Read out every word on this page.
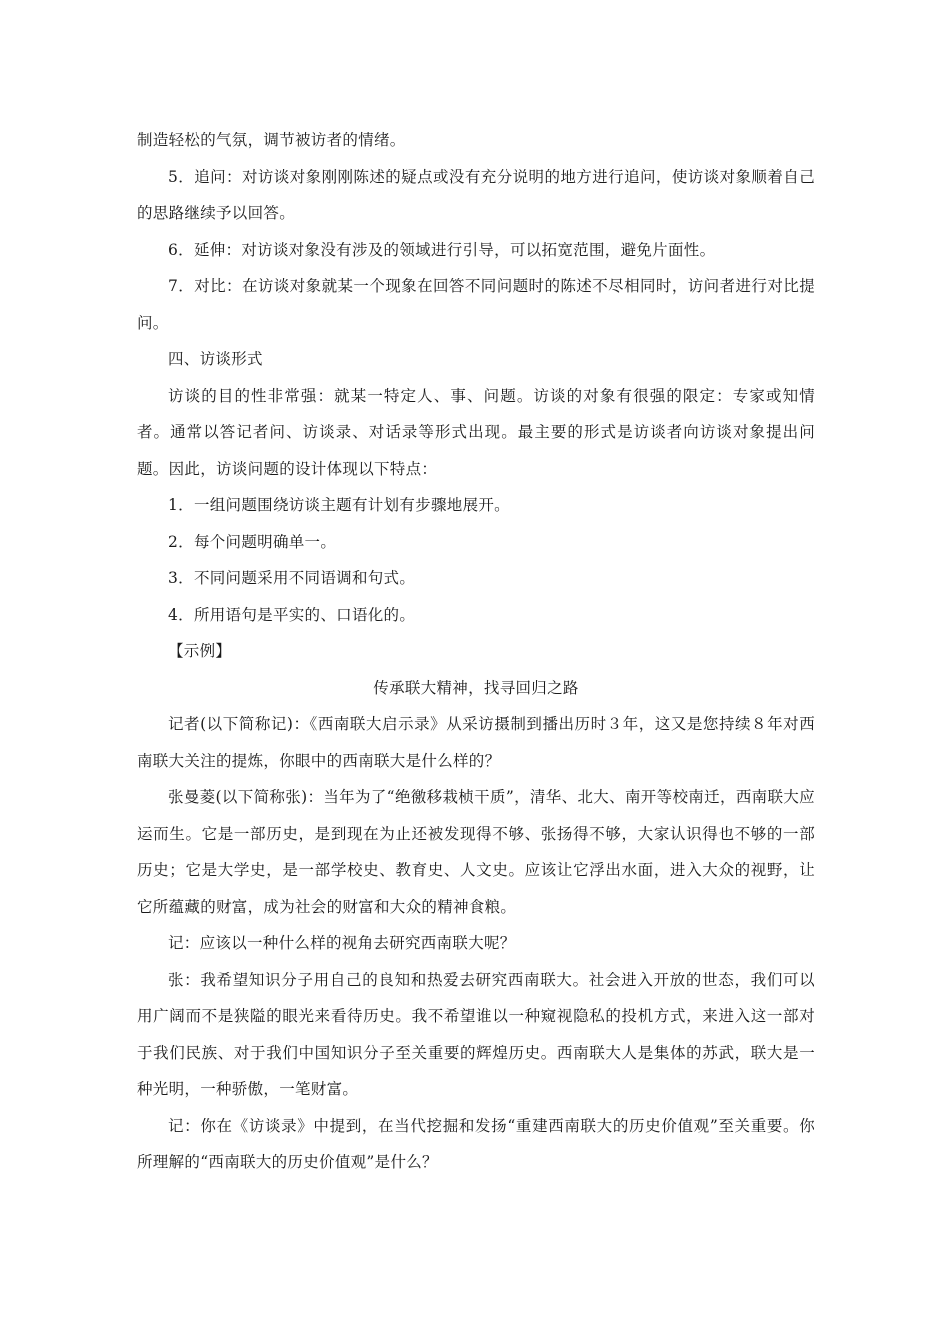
制造轻松的气氛，调节被访者的情绪。

5．追问：对访谈对象刚刚陈述的疑点或没有充分说明的地方进行追问，使访谈对象顺着自己的思路继续予以回答。

6．延伸：对访谈对象没有涉及的领域进行引导，可以拓宽范围，避免片面性。

7．对比：在访谈对象就某一个现象在回答不同问题时的陈述不尽相同时，访问者进行对比提问。

四、访谈形式

访谈的目的性非常强：就某一特定人、事、问题。访谈的对象有很强的限定：专家或知情者。通常以答记者问、访谈录、对话录等形式出现。最主要的形式是访谈者向访谈对象提出问题。因此，访谈问题的设计体现以下特点：

1．一组问题围绕访谈主题有计划有步骤地展开。

2．每个问题明确单一。

3．不同问题采用不同语调和句式。

4．所用语句是平实的、口语化的。

【示例】

传承联大精神，找寻回归之路

记者(以下简称记)：《西南联大启示录》从采访摄制到播出历时３年，这又是您持续８年对西南联大关注的提炼，你眼中的西南联大是什么样的？

张曼菱(以下简称张)：当年为了“绝徼移栽桢干质”，清华、北大、南开等校南迁，西南联大应运而生。它是一部历史，是到现在为止还被发现得不够、张扬得不够，大家认识得也不够的一部历史；它是大学史，是一部学校史、教育史、人文史。应该让它浮出水面，进入大众的视野，让它所蕴藏的财富，成为社会的财富和大众的精神食粮。

记：应该以一种什么样的视角去研究西南联大呢？

张：我希望知识分子用自己的良知和热爱去研究西南联大。社会进入开放的世态，我们可以用广阔而不是狭隘的眼光来看待历史。我不希望谁以一种窥视隐私的投机方式，来进入这一部对于我们民族、对于我们中国知识分子至关重要的辉煌历史。西南联大人是集体的苏武，联大是一种光明，一种骄傲，一笔财富。

记：你在《访谈录》中提到，在当代挖掘和发扬“重建西南联大的历史价值观”至关重要。你所理解的“西南联大的历史价值观”是什么？
